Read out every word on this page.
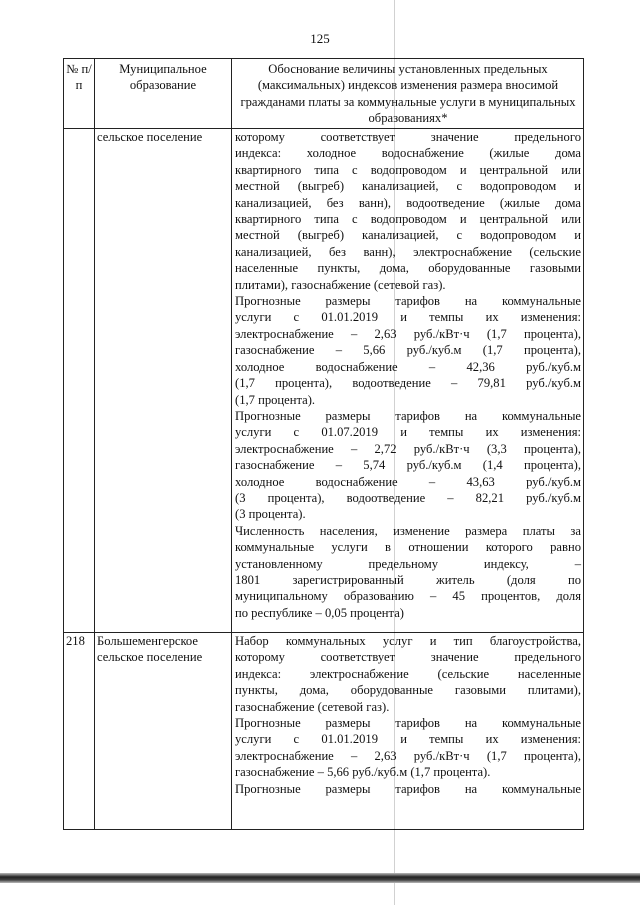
125
№ п/п
Муниципальное образование
Обоснование величины установленных предельных (максимальных) индексов изменения размера вносимой гражданами платы за коммунальные услуги в муниципальных образованиях*
сельское поселение	которому соответствует значение предельного

индекса: холодное водоснабжение (жилые дома

квартирного типа с водопроводом и центральной или

местной (выгреб) канализацией, с водопроводом и

канализацией, без ванн), водоотведение (жилые дома

квартирного типа с водопроводом и центральной или

местной (выгреб) канализацией, с водопроводом и

канализацией, без ванн), электроснабжение (сельские

населенные пункты, дома, оборудованные газовыми

плитами), газоснабжение (сетевой газ).

Прогнозные размеры тарифов на коммунальные

услуги с 01.01.2019 и темпы их изменения:

электроснабжение – 2,63 руб./кВт·ч (1,7 процента),

газоснабжение – 5,66 руб./куб.м (1,7 процента),

холодное водоснабжение – 42,36 руб./куб.м

(1,7 процента), водоотведение – 79,81 руб./куб.м

(1,7 процента).

Прогнозные размеры тарифов на коммунальные

услуги с 01.07.2019 и темпы их изменения:

электроснабжение – 2,72 руб./кВт·ч (3,3 процента),

газоснабжение – 5,74 руб./куб.м (1,4 процента),

холодное водоснабжение – 43,63 руб./куб.м

(3 процента), водоотведение – 82,21 руб./куб.м

(3 процента).

Численность населения, изменение размера платы за

коммунальные услуги в отношении которого равно

установленному предельному индексу, –

1801 зарегистрированный житель (доля по

муниципальному образованию – 45 процентов, доля

по республике – 0,05 процента)

218 Большеменгерское сельское поселение

Набор коммунальных услуг и тип благоустройства,

которому соответствует значение предельного

индекса: электроснабжение (сельские населенные

пункты, дома, оборудованные газовыми плитами),

газоснабжение (сетевой газ).

Прогнозные размеры тарифов на коммунальные

услуги с 01.01.2019 и темпы их изменения:

электроснабжение – 2,63 руб./кВт·ч (1,7 процента),

газоснабжение – 5,66 руб./куб.м (1,7 процента).

Прогнозные размеры тарифов на коммунальные
